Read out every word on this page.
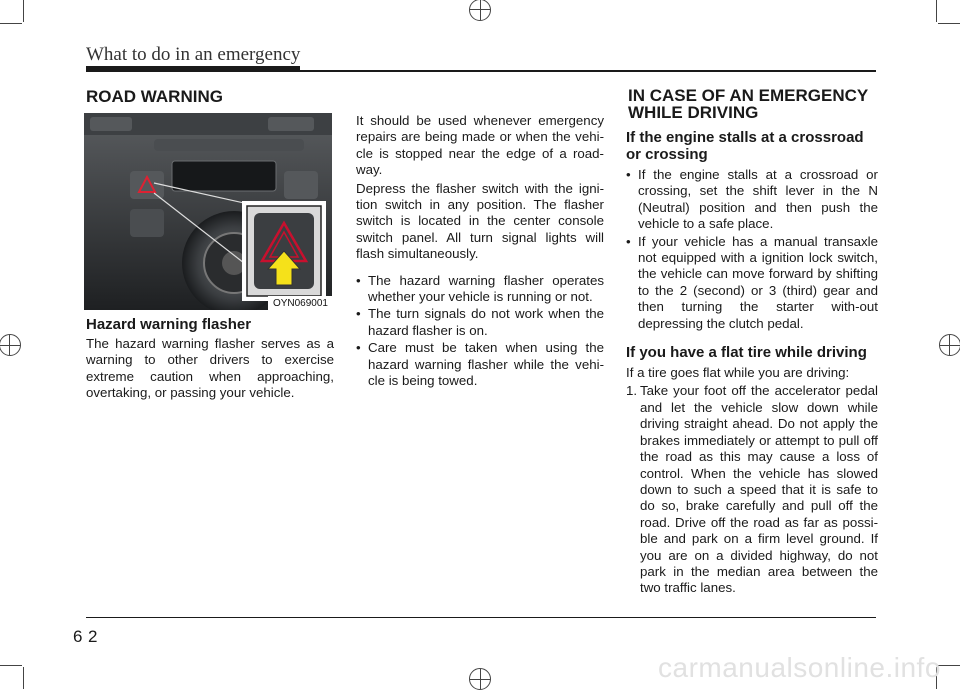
What to do in an emergency
ROAD WARNING
OYN069001
Hazard warning flasher
The hazard warning flasher serves as a warning to other drivers to exercise extreme caution when approaching, overtaking, or passing your vehicle.
It should be used whenever emergency repairs are being made or when the vehi-cle is stopped near the edge of a road-way.
Depress the flasher switch with the igni-tion switch in any position. The flasher switch is located in the center console switch panel. All turn signal lights will flash simultaneously.
• The hazard warning flasher operates whether your vehicle is running or not.
• The turn signals do not work when the hazard flasher is on.
• Care must be taken when using the hazard warning flasher while the vehi-cle is being towed.
IN CASE OF AN EMERGENCY
WHILE DRIVING
If the engine stalls at a crossroad
or crossing
• If the engine stalls at a crossroad or crossing, set the shift lever in the N (Neutral) position and then push the vehicle to a safe place.
• If your vehicle has a manual transaxle not equipped with a ignition lock switch, the vehicle can move forward by shifting to the 2 (second) or 3 (third) gear and then turning the starter with-out depressing the clutch pedal.
If you have a flat tire while driving
If a tire goes flat while you are driving:
1. Take your foot off the accelerator pedal and let the vehicle slow down while driving straight ahead. Do not apply the brakes immediately or attempt to pull off the road as this may cause a loss of control. When the vehicle has slowed down to such a speed that it is safe to do so, brake carefully and pull off the road. Drive off the road as far as possi-ble and park on a firm level ground. If you are on a divided highway, do not park in the median area between the two traffic lanes.
6 2
carmanualsonline.info
